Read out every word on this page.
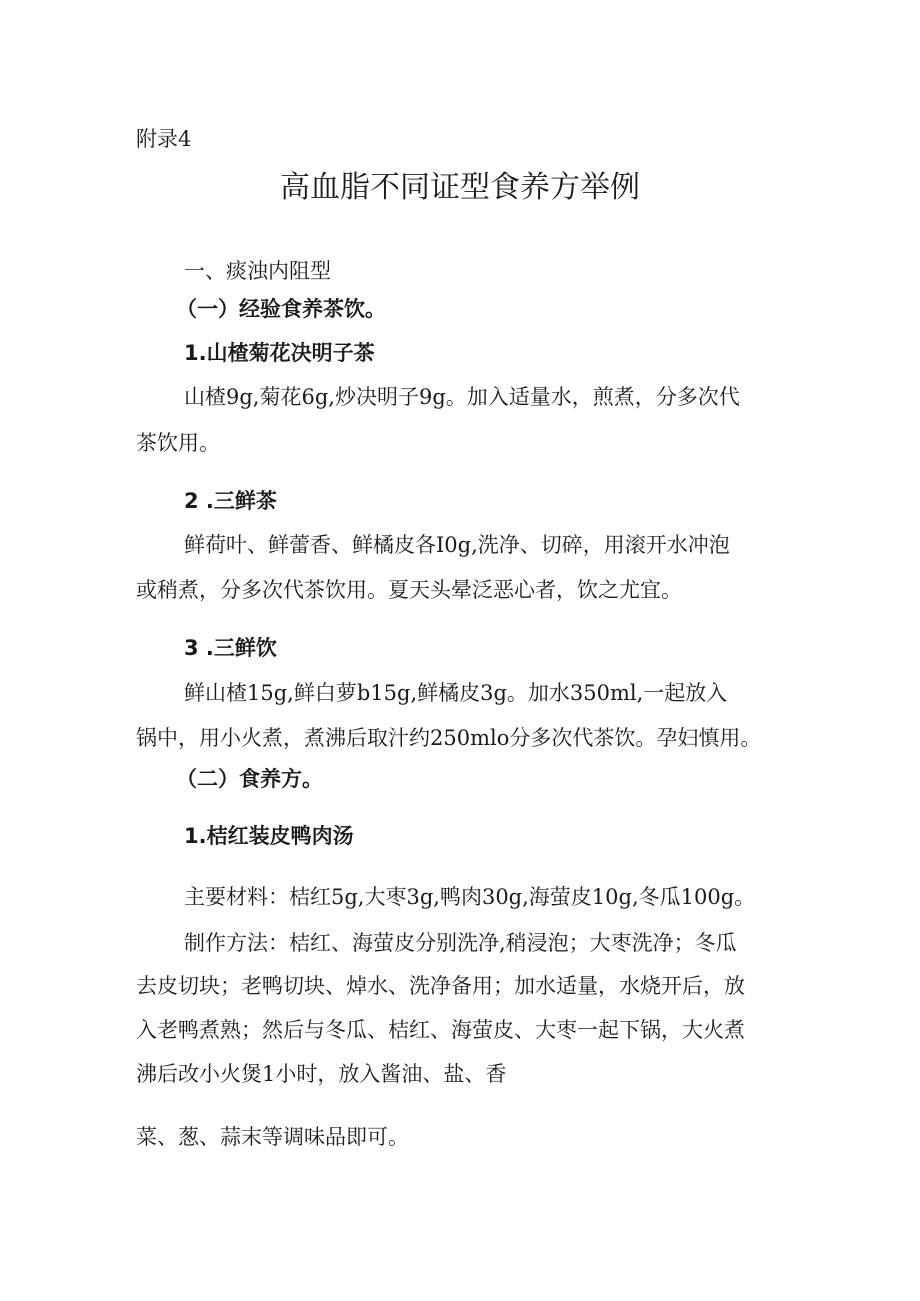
附录4
高血脂不同证型食养方举例
一、痰浊内阻型
（一）经验食养茶饮。
1.山楂菊花决明子茶
山楂9g,菊花6g,炒决明子9g。加入适量水，煎煮，分多次代
茶饮用。
2 .三鲜茶
鲜荷叶、鲜蕾香、鲜橘皮各I0g,洗净、切碎，用滚开水冲泡
或稍煮，分多次代茶饮用。夏天头晕泛恶心者，饮之尤宜。
3 .三鲜饮
鲜山楂15g,鲜白萝b15g,鲜橘皮3g。加水350ml,一起放入
锅中，用小火煮，煮沸后取汁约250mlo分多次代茶饮。孕妇慎用。
（二）食养方。
1.桔红装皮鸭肉汤
主要材料：桔红5g,大枣3g,鸭肉30g,海萤皮10g,冬瓜100g。
制作方法：桔红、海萤皮分别洗净,稍浸泡；大枣洗净；冬瓜
去皮切块；老鸭切块、焯水、洗净备用；加水适量，水烧开后，放
入老鸭煮熟；然后与冬瓜、桔红、海萤皮、大枣一起下锅，大火煮
沸后改小火煲1小时，放入酱油、盐、香
菜、葱、蒜末等调味品即可。
